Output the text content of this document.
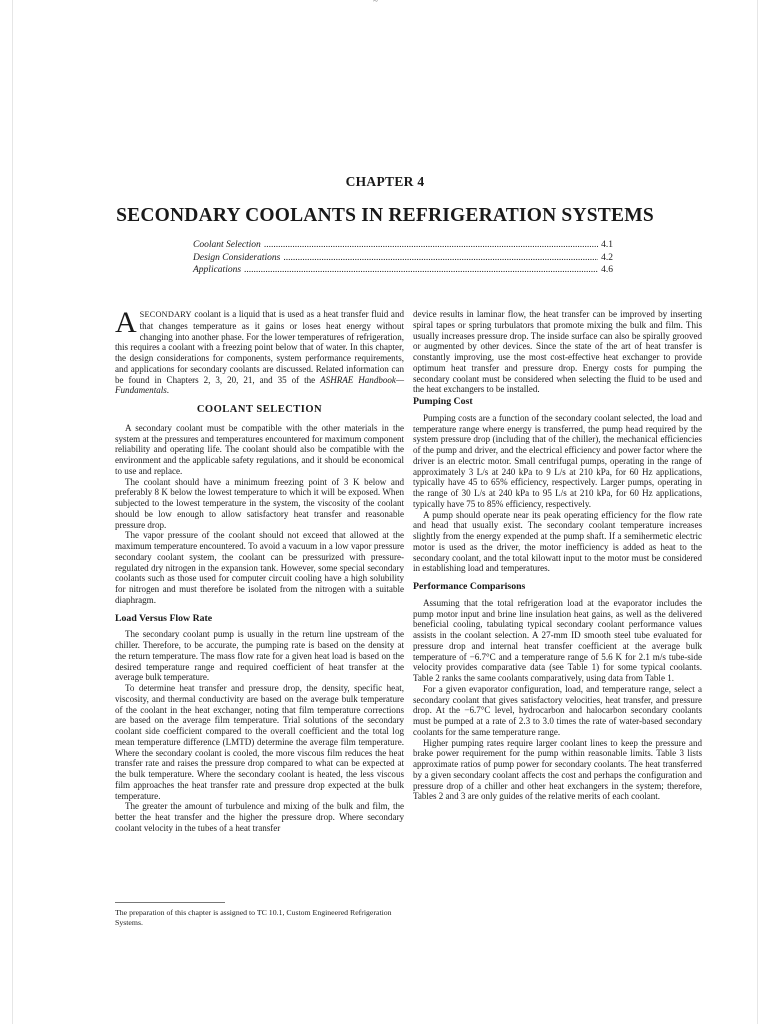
~
CHAPTER 4
SECONDARY COOLANTS IN REFRIGERATION SYSTEMS
Coolant Selection .....	4.1
Design Considerations .....	4.2
Applications .....	4.6

ASECONDARY coolant is a liquid that is used as a heat transfer fluid and that changes temperature as it gains or loses heat energy without changing into another phase. For the lower temperatures of refrigeration, this requires a coolant with a freezing point below that of water. In this chapter, the design considerations for components, system performance requirements, and applications for secondary coolants are discussed. Related information can be found in Chapters 2, 3, 20, 21, and 35 of the ASHRAE Handbook—Fundamentals.

COOLANT SELECTION

A secondary coolant must be compatible with the other materials in the system at the pressures and temperatures encountered for maximum component reliability and operating life. The coolant should also be compatible with the environment and the applicable safety regulations, and it should be economical to use and replace.

The coolant should have a minimum freezing point of 3 K below and preferably 8 K below the lowest temperature to which it will be exposed. When subjected to the lowest temperature in the system, the viscosity of the coolant should be low enough to allow satisfactory heat transfer and reasonable pressure drop.

The vapor pressure of the coolant should not exceed that allowed at the maximum temperature encountered. To avoid a vacuum in a low vapor pressure secondary coolant system, the coolant can be pressurized with pressure-regulated dry nitrogen in the expansion tank. However, some special secondary coolants such as those used for computer circuit cooling have a high solubility for nitrogen and must therefore be isolated from the nitrogen with a suitable diaphragm.

Load Versus Flow Rate

The secondary coolant pump is usually in the return line upstream of the chiller. Therefore, to be accurate, the pumping rate is based on the density at the return temperature. The mass flow rate for a given heat load is based on the desired temperature range and required coefficient of heat transfer at the average bulk temperature.

To determine heat transfer and pressure drop, the density, specific heat, viscosity, and thermal conductivity are based on the average bulk temperature of the coolant in the heat exchanger, noting that film temperature corrections are based on the average film temperature. Trial solutions of the secondary coolant side coefficient compared to the overall coefficient and the total log mean temperature difference (LMTD) determine the average film temperature. Where the secondary coolant is cooled, the more viscous film reduces the heat transfer rate and raises the pressure drop compared to what can be expected at the bulk temperature. Where the secondary coolant is heated, the less viscous film approaches the heat transfer rate and pressure drop expected at the bulk temperature.

The greater the amount of turbulence and mixing of the bulk and film, the better the heat transfer and the higher the pressure drop. Where secondary coolant velocity in the tubes of a heat transfer

The preparation of this chapter is assigned to TC 10.1, Custom Engineered Refrigeration Systems.

device results in laminar flow, the heat transfer can be improved by inserting spiral tapes or spring turbulators that promote mixing the bulk and film. This usually increases pressure drop. The inside surface can also be spirally grooved or augmented by other devices. Since the state of the art of heat transfer is constantly improving, use the most cost-effective heat exchanger to provide optimum heat transfer and pressure drop. Energy costs for pumping the secondary coolant must be considered when selecting the fluid to be used and the heat exchangers to be installed.

Pumping Cost

Pumping costs are a function of the secondary coolant selected, the load and temperature range where energy is transferred, the pump head required by the system pressure drop (including that of the chiller), the mechanical efficiencies of the pump and driver, and the electrical efficiency and power factor where the driver is an electric motor. Small centrifugal pumps, operating in the range of approximately 3 L/s at 240 kPa to 9 L/s at 210 kPa, for 60 Hz applications, typically have 45 to 65% efficiency, respectively. Larger pumps, operating in the range of 30 L/s at 240 kPa to 95 L/s at 210 kPa, for 60 Hz applications, typically have 75 to 85% efficiency, respectively.

A pump should operate near its peak operating efficiency for the flow rate and head that usually exist. The secondary coolant temperature increases slightly from the energy expended at the pump shaft. If a semihermetic electric motor is used as the driver, the motor inefficiency is added as heat to the secondary coolant, and the total kilowatt input to the motor must be considered in establishing load and temperatures.

Performance Comparisons

Assuming that the total refrigeration load at the evaporator includes the pump motor input and brine line insulation heat gains, as well as the delivered beneficial cooling, tabulating typical secondary coolant performance values assists in the coolant selection. A 27-mm ID smooth steel tube evaluated for pressure drop and internal heat transfer coefficient at the average bulk temperature of −6.7°C and a temperature range of 5.6 K for 2.1 m/s tube-side velocity provides comparative data (see Table 1) for some typical coolants. Table 2 ranks the same coolants comparatively, using data from Table 1.

For a given evaporator configuration, load, and temperature range, select a secondary coolant that gives satisfactory velocities, heat transfer, and pressure drop. At the −6.7°C level, hydrocarbon and halocarbon secondary coolants must be pumped at a rate of 2.3 to 3.0 times the rate of water-based secondary coolants for the same temperature range.

Higher pumping rates require larger coolant lines to keep the pressure and brake power requirement for the pump within reasonable limits. Table 3 lists approximate ratios of pump power for secondary coolants. The heat transferred by a given secondary coolant affects the cost and perhaps the configuration and pressure drop of a chiller and other heat exchangers in the system; therefore, Tables 2 and 3 are only guides of the relative merits of each coolant.
